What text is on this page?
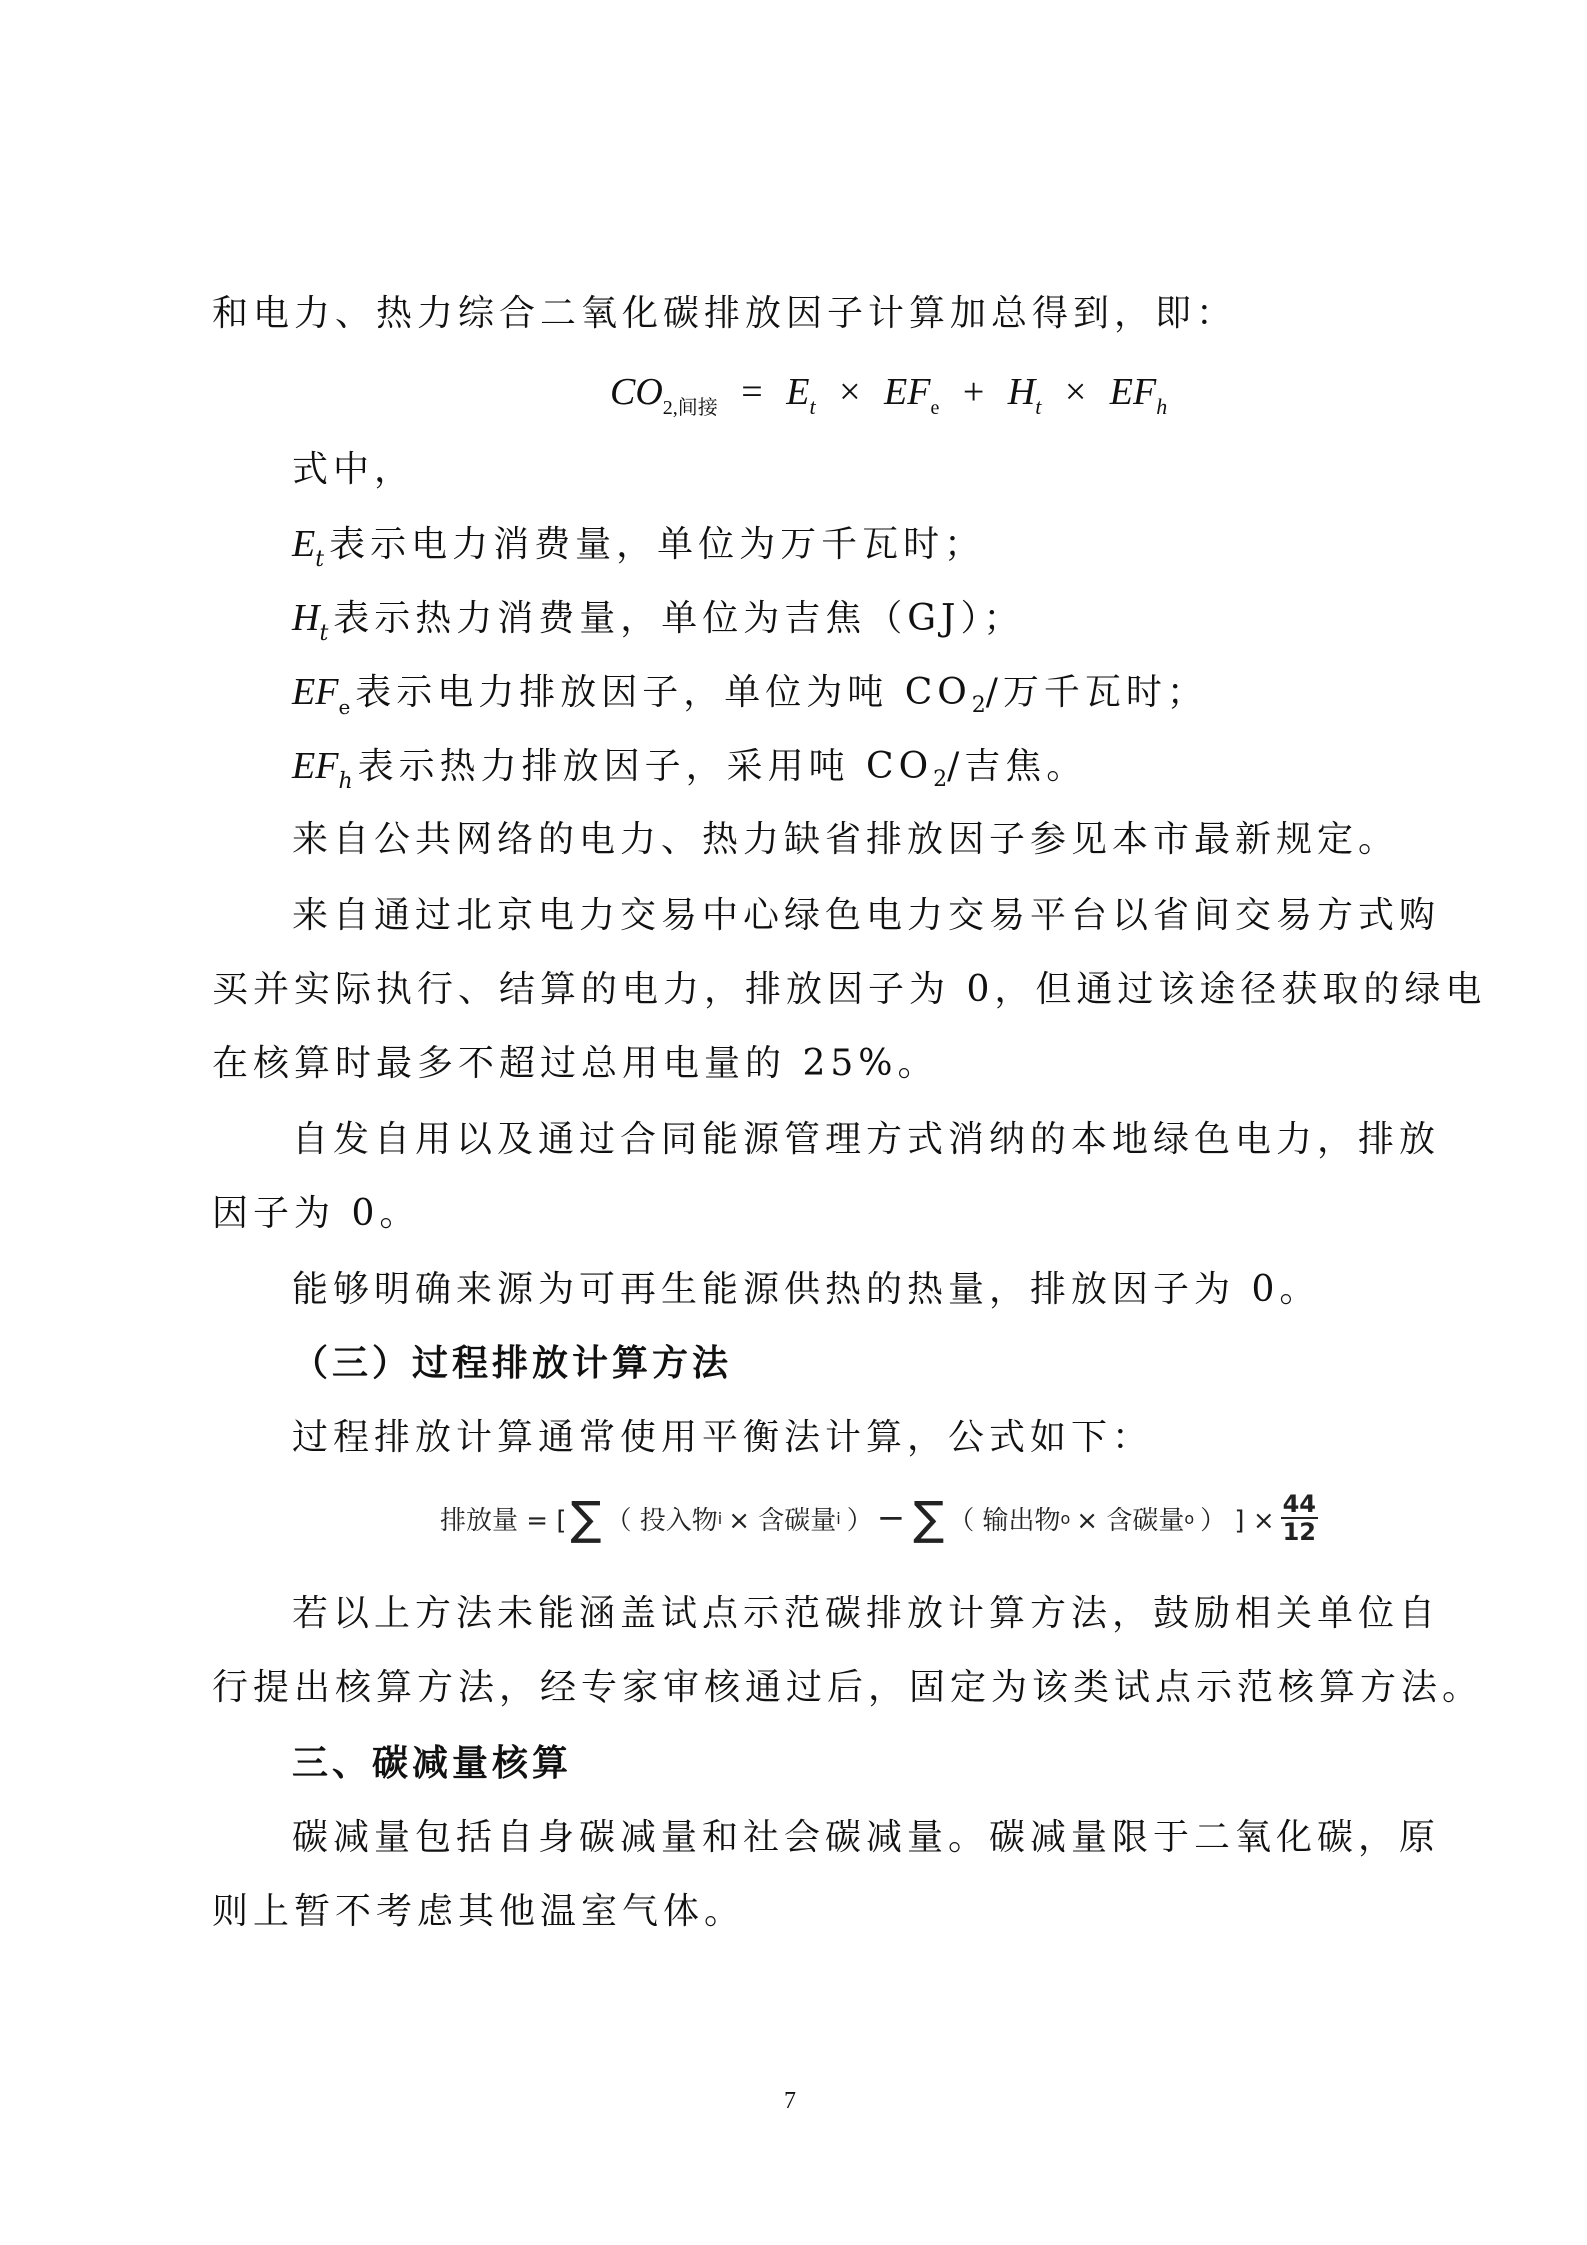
和电力、热力综合二氧化碳排放因子计算加总得到，即：
$CO_{2,间接} = E_t \times EF_e + H_t \times EF_h$
式中，
$E_t$表示电力消费量，单位为万千瓦时；
$H_t$表示热力消费量，单位为吉焦（GJ）；
$EF_e$表示电力排放因子，单位为吨 $CO_2/$万千瓦时；
$EF_h$表示热力排放因子，采用吨 $CO_2/$吉焦。
来自公共网络的电力、热力缺省排放因子参见本市最新规定。
来自通过北京电力交易中心绿色电力交易平台以省间交易方式购
买并实际执行、结算的电力，排放因子为 0，但通过该途径获取的绿电
在核算时最多不超过总用电量的 25%。
自发自用以及通过合同能源管理方式消纳的本地绿色电力，排放
因子为 0。
能够明确来源为可再生能源供热的热量，排放因子为 0。
（三）过程排放计算方法
过程排放计算通常使用平衡法计算，公式如下：
排放量 = [ ∑ （ 投入物 i × 含碳量 i ） − ∑ （ 输出物 o × 含碳量 o ） ] × $\frac{44}{12}$
若以上方法未能涵盖试点示范碳排放计算方法，鼓励相关单位自
行提出核算方法，经专家审核通过后，固定为该类试点示范核算方法。
三、碳减量核算
碳减量包括自身碳减量和社会碳减量。碳减量限于二氧化碳，原
则上暂不考虑其他温室气体。
7
